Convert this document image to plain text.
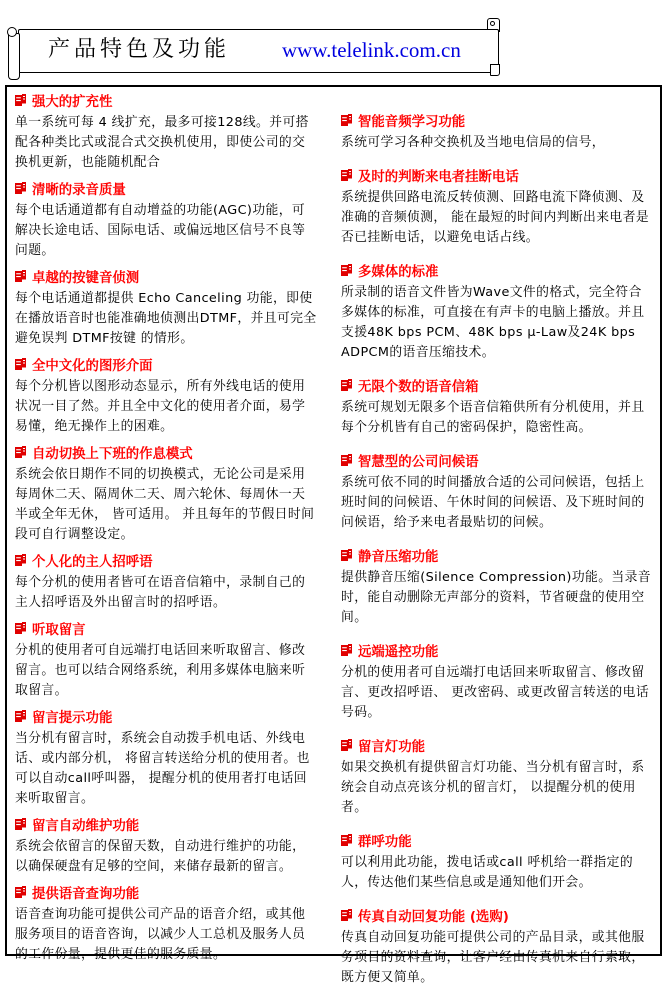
产品特色及功能 www.telelink.com.cn
强大的扩充性
单一系统可每 4 线扩充，最多可接128线。并可搭配各种类比式或混合式交换机使用，即使公司的交换机更新，也能随机配合
清晰的录音质量
每个电话通道都有自动增益的功能(AGC)功能，可解决长途电话、国际电话、或偏远地区信号不良等问题。
卓越的按键音侦测
每个电话通道都提供 Echo Canceling 功能，即使在播放语音时也能准确地侦测出DTMF，并且可完全避免误判 DTMF按键 的情形。
全中文化的图形介面
每个分机皆以图形动态显示，所有外线电话的使用状况一目了然。并且全中文化的使用者介面，易学易懂，绝无操作上的困难。
自动切换上下班的作息模式
系统会依日期作不同的切换模式，无论公司是采用每周休二天、隔周休二天、周六轮休、每周休一天半或全年无休， 皆可适用。 并且每年的节假日时间段可自行调整设定。
个人化的主人招呼语
每个分机的使用者皆可在语音信箱中，录制自己的主人招呼语及外出留言时的招呼语。
听取留言
分机的使用者可自远端打电话回来听取留言、修改留言。也可以结合网络系统，利用多媒体电脑来听取留言。
留言提示功能
当分机有留言时，系统会自动拨手机电话、外线电话、或内部分机， 将留言转送给分机的使用者。也可以自动call呼叫器， 提醒分机的使用者打电话回来听取留言。
留言自动维护功能
系统会依留言的保留天数，自动进行维护的功能，以确保硬盘有足够的空间，来储存最新的留言。
提供语音查询功能
语音查询功能可提供公司产品的语音介绍，或其他服务项目的语音咨询，以减少人工总机及服务人员的工作份量，提供更佳的服务质量。
智能音频学习功能
系统可学习各种交换机及当地电信局的信号，
及时的判断来电者挂断电话
系统提供回路电流反转侦测、回路电流下降侦测、及准确的音频侦测， 能在最短的时间内判断出来电者是否已挂断电话，以避免电话占线。
多媒体的标准
所录制的语音文件皆为Wave文件的格式，完全符合多媒体的标准，可直接在有声卡的电脑上播放。并且支援48K bps PCM、48K bps μ-Law及24K bps ADPCM的语音压缩技术。
无限个数的语音信箱
系统可规划无限多个语音信箱供所有分机使用，并且每个分机皆有自己的密码保护，隐密性高。
智慧型的公司问候语
系统可依不同的时间播放合适的公司问候语，包括上班时间的问候语、午休时间的问候语、及下班时间的问候语，给予来电者最贴切的问候。
静音压缩功能
提供静音压缩(Silence Compression)功能。当录音时，能自动删除无声部分的资料，节省硬盘的使用空间。
远端遥控功能
分机的使用者可自远端打电话回来听取留言、修改留言、更改招呼语、 更改密码、或更改留言转送的电话号码。
留言灯功能
如果交换机有提供留言灯功能、当分机有留言时，系统会自动点亮该分机的留言灯， 以提醒分机的使用者。
群呼功能
可以利用此功能，拨电话或call 呼机给一群指定的人，传达他们某些信息或是通知他们开会。
传真自动回复功能 (选购)
传真自动回复功能可提供公司的产品目录，或其他服务项目的资料查询，让客户经由传真机来自行索取， 既方便又简单。
